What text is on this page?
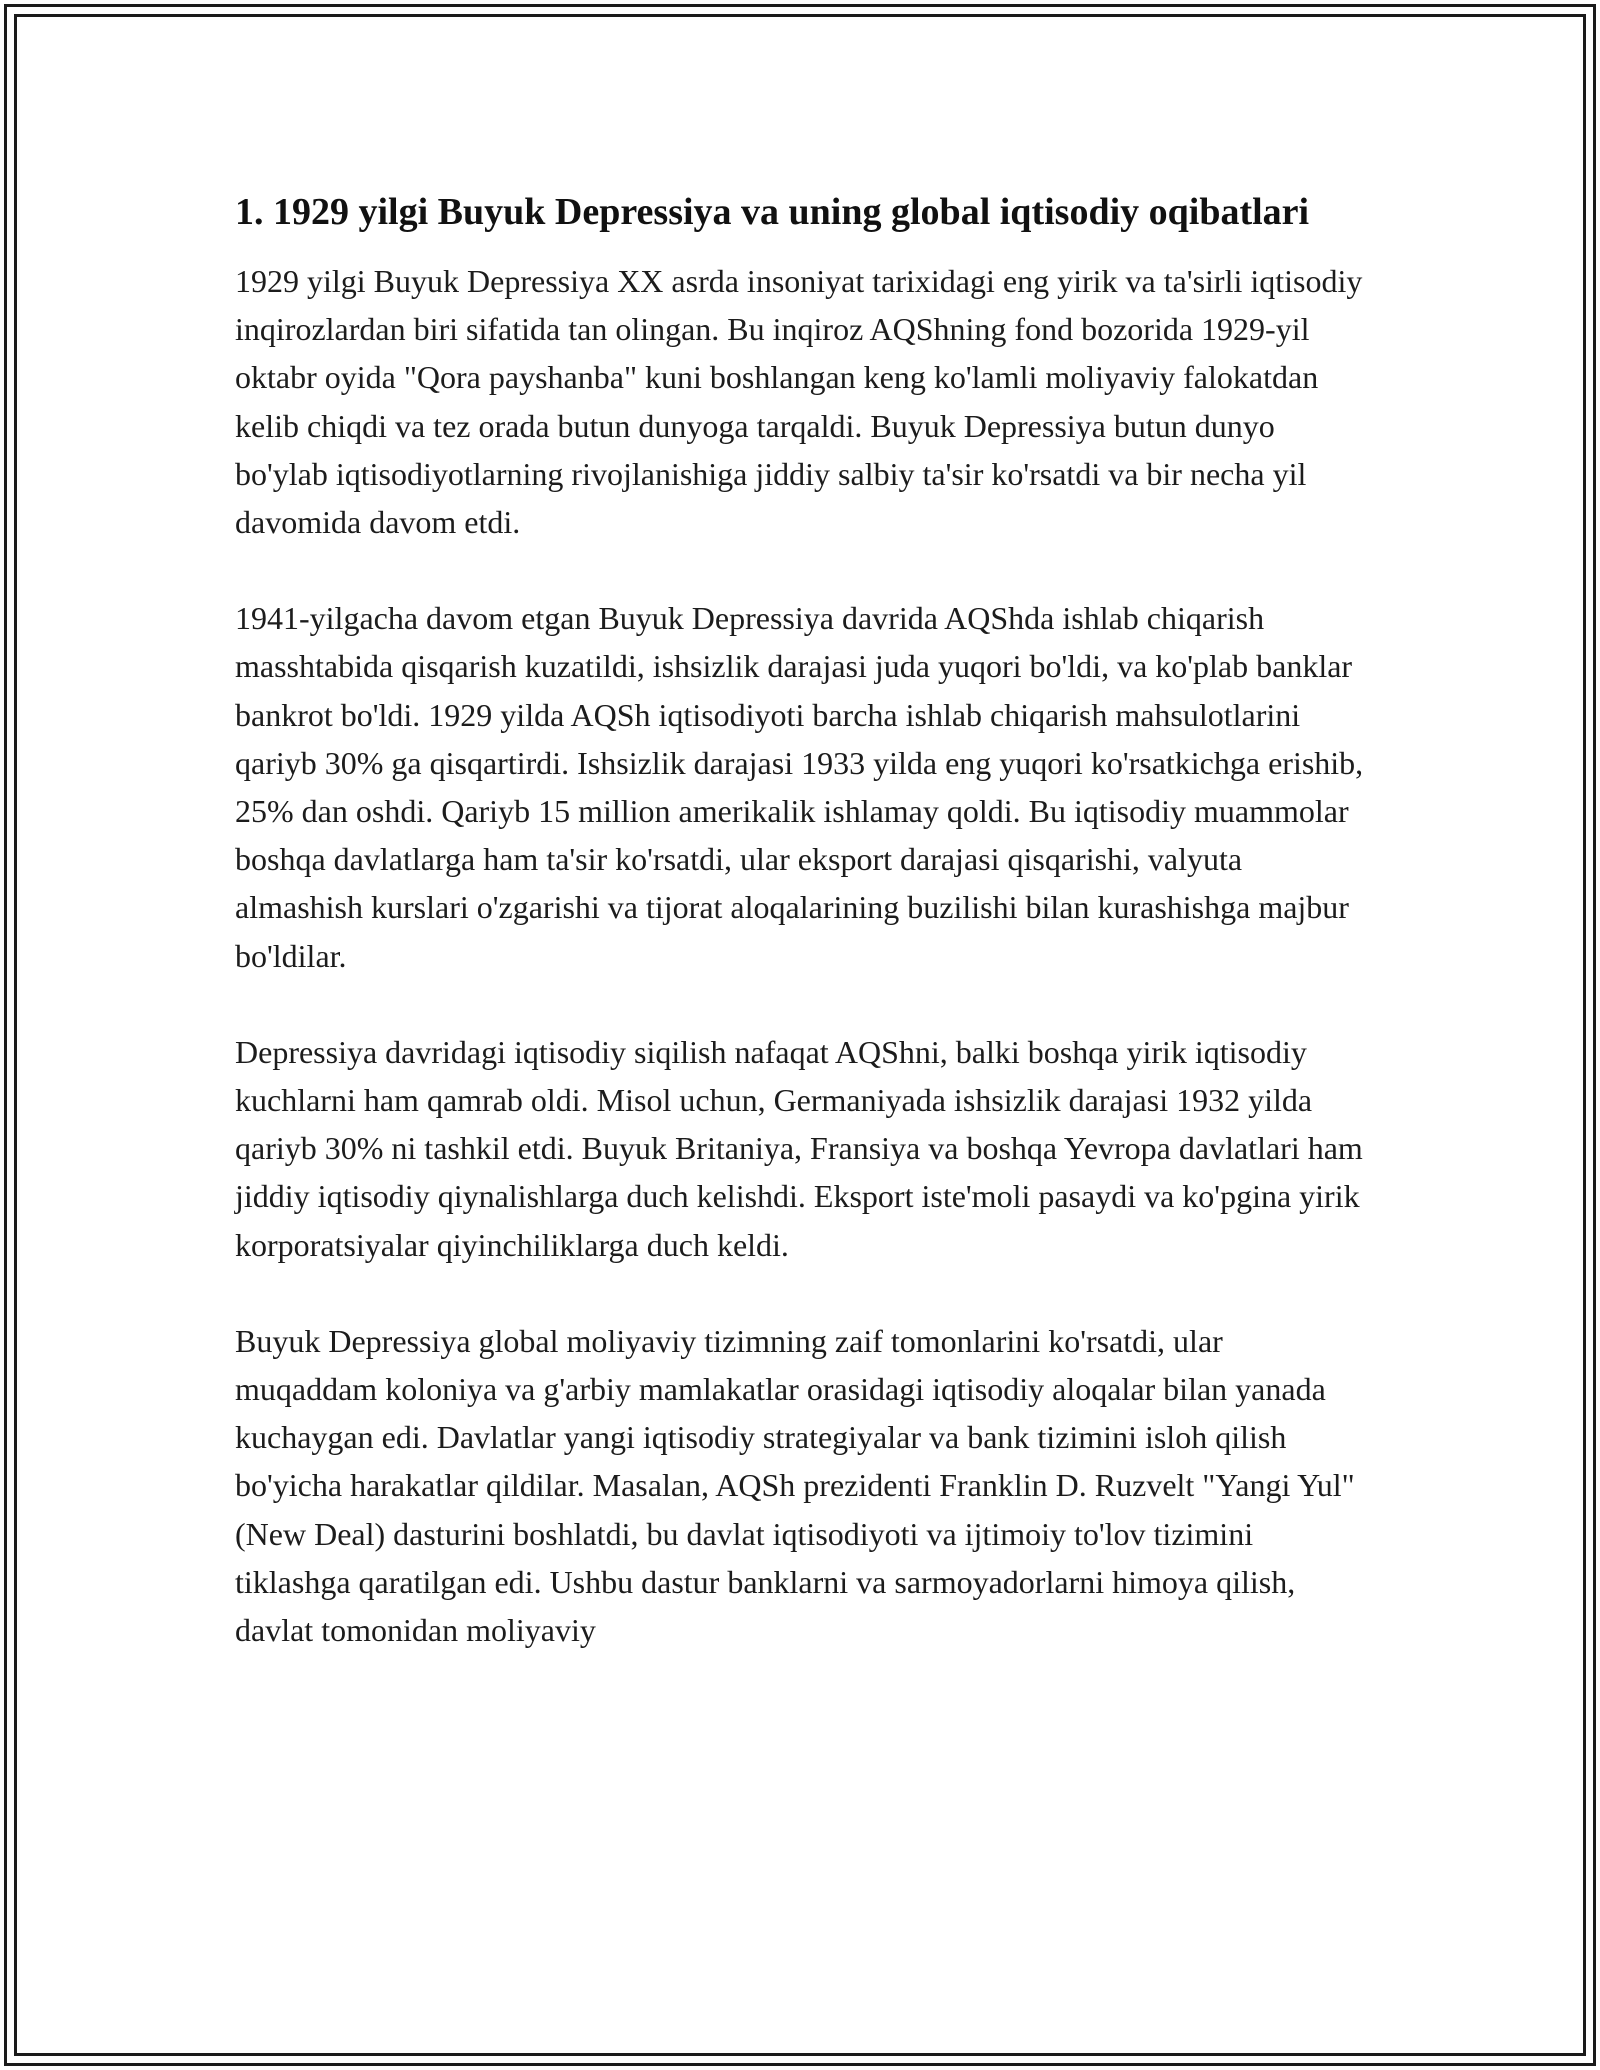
1. 1929 yilgi Buyuk Depressiya va uning global iqtisodiy oqibatlari

1929 yilgi Buyuk Depressiya XX asrda insoniyat tarixidagi eng yirik va ta'sirli iqtisodiy inqirozlardan biri sifatida tan olingan. Bu inqiroz AQShning fond bozorida 1929-yil oktabr oyida "Qora payshanba" kuni boshlangan keng ko'lamli moliyaviy falokatdan kelib chiqdi va tez orada butun dunyoga tarqaldi. Buyuk Depressiya butun dunyo bo'ylab iqtisodiyotlarning rivojlanishiga jiddiy salbiy ta'sir ko'rsatdi va bir necha yil davomida davom etdi.

1941-yilgacha davom etgan Buyuk Depressiya davrida AQShda ishlab chiqarish masshtabida qisqarish kuzatildi, ishsizlik darajasi juda yuqori bo'ldi, va ko'plab banklar bankrot bo'ldi. 1929 yilda AQSh iqtisodiyoti barcha ishlab chiqarish mahsulotlarini qariyb 30% ga qisqartirdi. Ishsizlik darajasi 1933 yilda eng yuqori ko'rsatkichga erishib, 25% dan oshdi. Qariyb 15 million amerikalik ishlamay qoldi. Bu iqtisodiy muammolar boshqa davlatlarga ham ta'sir ko'rsatdi, ular eksport darajasi qisqarishi, valyuta almashish kurslari o'zgarishi va tijorat aloqalarining buzilishi bilan kurashishga majbur bo'ldilar.

Depressiya davridagi iqtisodiy siqilish nafaqat AQShni, balki boshqa yirik iqtisodiy kuchlarni ham qamrab oldi. Misol uchun, Germaniyada ishsizlik darajasi 1932 yilda qariyb 30% ni tashkil etdi. Buyuk Britaniya, Fransiya va boshqa Yevropa davlatlari ham jiddiy iqtisodiy qiynalishlarga duch kelishdi. Eksport iste'moli pasaydi va ko'pgina yirik korporatsiyalar qiyinchiliklarga duch keldi.

Buyuk Depressiya global moliyaviy tizimning zaif tomonlarini ko'rsatdi, ular muqaddam koloniya va g'arbiy mamlakatlar orasidagi iqtisodiy aloqalar bilan yanada kuchaygan edi. Davlatlar yangi iqtisodiy strategiyalar va bank tizimini isloh qilish bo'yicha harakatlar qildilar. Masalan, AQSh prezidenti Franklin D. Ruzvelt "Yangi Yul" (New Deal) dasturini boshlatdi, bu davlat iqtisodiyoti va ijtimoiy to'lov tizimini tiklashga qaratilgan edi. Ushbu dastur banklarni va sarmoyadorlarni himoya qilish, davlat tomonidan moliyaviy
